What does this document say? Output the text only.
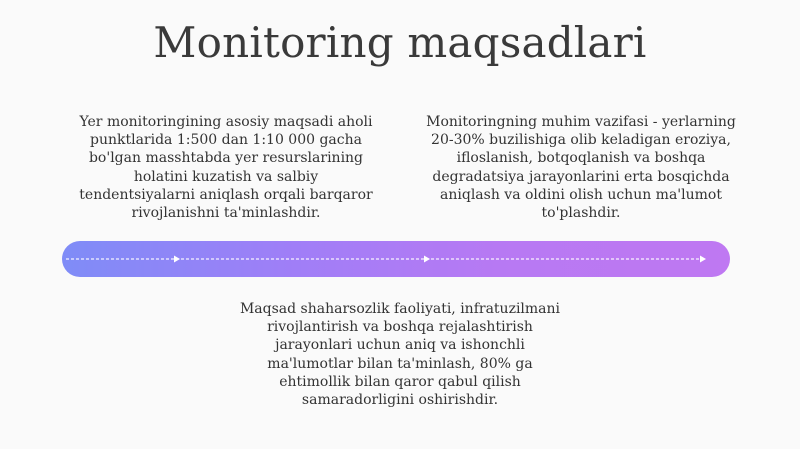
Monitoring maqsadlari

Yer monitoringining asosiy maqsadi aholi punktlarida 1:500 dan 1:10 000 gacha bo'lgan masshtabda yer resurslarining holatini kuzatish va salbiy tendentsiyalarni aniqlash orqali barqaror rivojlanishni ta'minlashdir.

Monitoringning muhim vazifasi - yerlarning 20-30% buzilishiga olib keladigan eroziya, ifloslanish, botqoqlanish va boshqa degradatsiya jarayonlarini erta bosqichda aniqlash va oldini olish uchun ma'lumot to'plashdir.

Maqsad shaharsozlik faoliyati, infratuzilmani rivojlantirish va boshqa rejalashtirish jarayonlari uchun aniq va ishonchli ma'lumotlar bilan ta'minlash, 80% ga ehtimollik bilan qaror qabul qilish samaradorligini oshirishdir.
